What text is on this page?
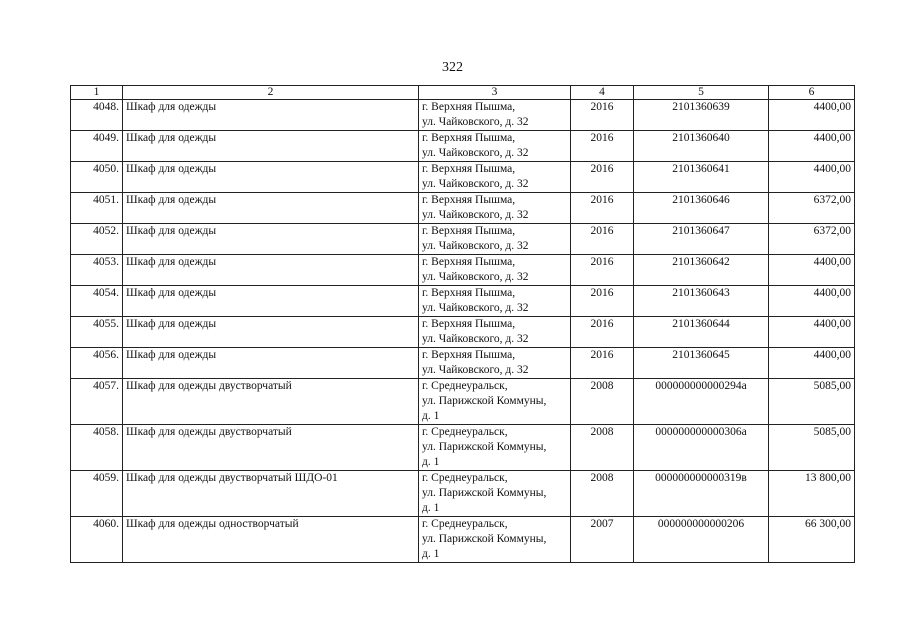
322
1	2	3	4	5	6
4048.	Шкаф для одежды	г. Верхняя Пышма,
ул. Чайковского, д. 32	2016	2101360639	4400,00
4049.	Шкаф для одежды	г. Верхняя Пышма,
ул. Чайковского, д. 32	2016	2101360640	4400,00
4050.	Шкаф для одежды	г. Верхняя Пышма,
ул. Чайковского, д. 32	2016	2101360641	4400,00
4051.	Шкаф для одежды	г. Верхняя Пышма,
ул. Чайковского, д. 32	2016	2101360646	6372,00
4052.	Шкаф для одежды	г. Верхняя Пышма,
ул. Чайковского, д. 32	2016	2101360647	6372,00
4053.	Шкаф для одежды	г. Верхняя Пышма,
ул. Чайковского, д. 32	2016	2101360642	4400,00
4054.	Шкаф для одежды	г. Верхняя Пышма,
ул. Чайковского, д. 32	2016	2101360643	4400,00
4055.	Шкаф для одежды	г. Верхняя Пышма,
ул. Чайковского, д. 32	2016	2101360644	4400,00
4056.	Шкаф для одежды	г. Верхняя Пышма,
ул. Чайковского, д. 32	2016	2101360645	4400,00
4057.	Шкаф для одежды двустворчатый	г. Среднеуральск,
ул. Парижской Коммуны,
д. 1	2008	000000000000294а	5085,00
4058.	Шкаф для одежды двустворчатый	г. Среднеуральск,
ул. Парижской Коммуны,
д. 1	2008	000000000000306а	5085,00
4059.	Шкаф для одежды двустворчатый ШДО-01	г. Среднеуральск,
ул. Парижской Коммуны,
д. 1	2008	000000000000319в	13 800,00
4060.	Шкаф для одежды одностворчатый	г. Среднеуральск,
ул. Парижской Коммуны,
д. 1	2007	000000000000206	66 300,00
